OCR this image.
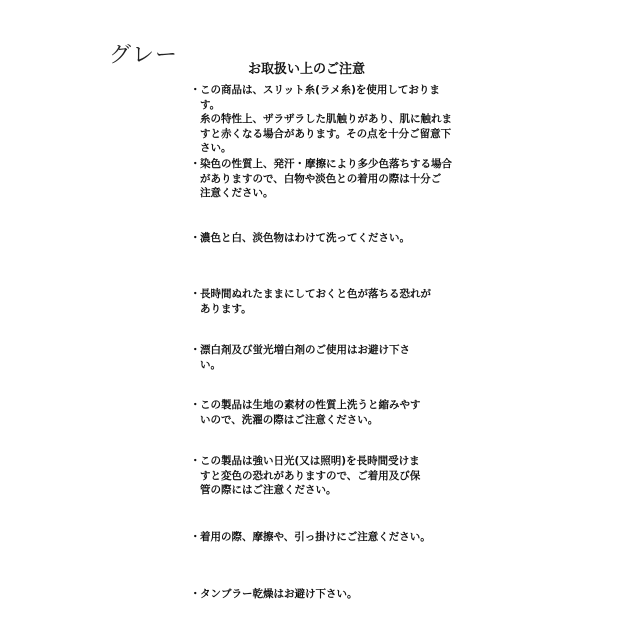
グレー
お取扱い上のご注意
・ この商品は、スリット糸(ラメ糸)を使用しております。
糸の特性上、ザラザラした肌触りがあり、肌に触れま
すと赤くなる場合があります。その点を十分ご留意下
さい。
・ 染色の性質上、発汗・摩擦により多少色落ちする場合
がありますので、白物や淡色との着用の際は十分ご
注意ください。
・ 濃色と白、淡色物はわけて洗ってください。
・ 長時間ぬれたままにしておくと色が落ちる恐れが
あります。
・ 漂白剤及び蛍光増白剤のご使用はお避け下さ
い。
・ この製品は生地の素材の性質上洗うと縮みやす
いので、洗濯の際はご注意ください。
・ この製品は強い日光(又は照明)を長時間受けま
すと変色の恐れがありますので、ご着用及び保
管の際にはご注意ください。
・ 着用の際、摩擦や、引っ掛けにご注意ください。
・ タンブラー乾燥はお避け下さい。
